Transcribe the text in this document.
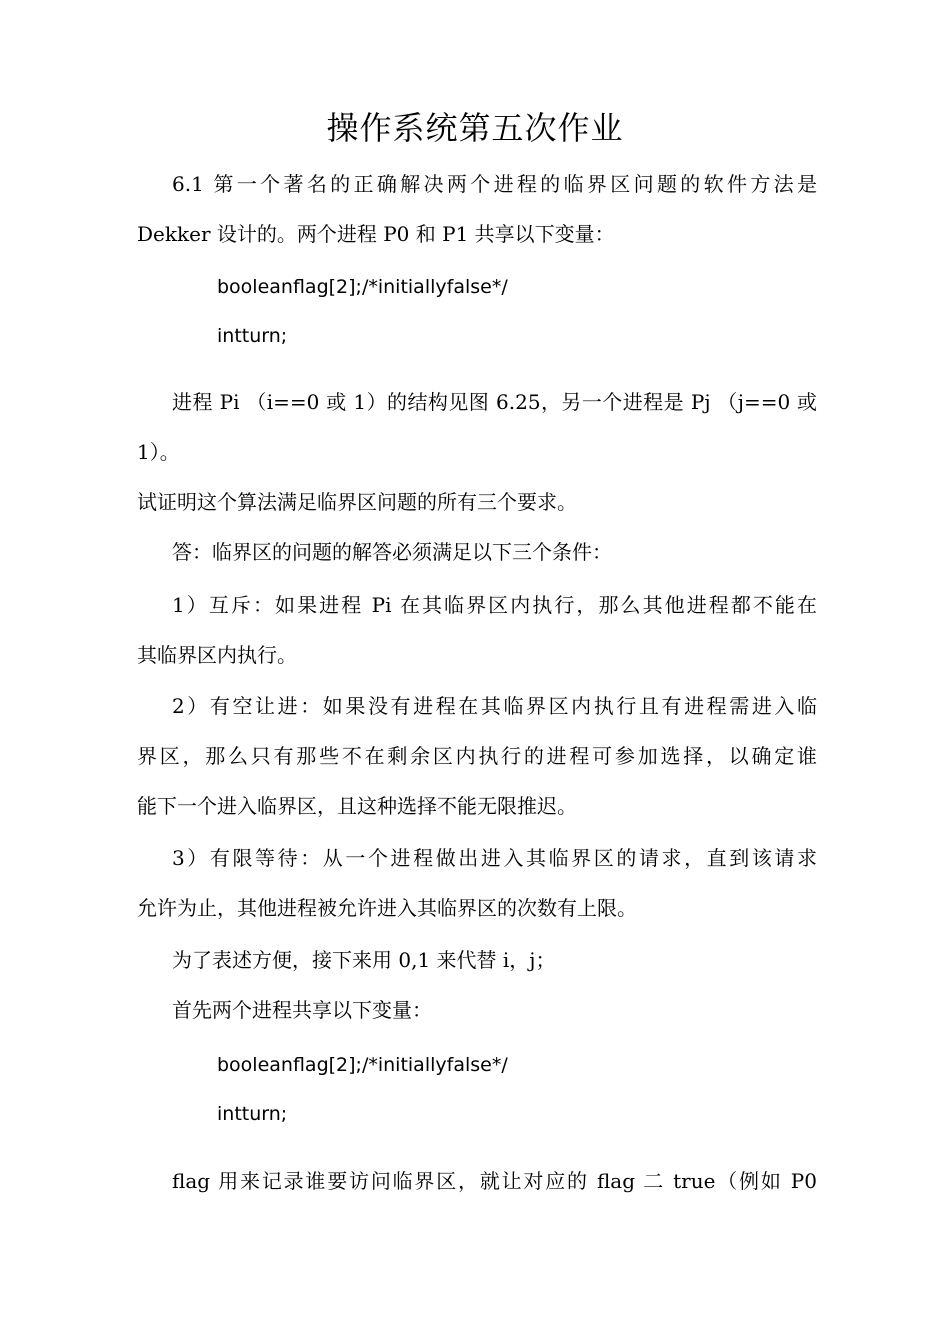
操作系统第五次作业
6.1 第一个著名的正确解决两个进程的临界区问题的软件方法是
Dekker 设计的。两个进程 P0 和 P1 共享以下变量：
booleanflag[2];/*initiallyfalse*/
intturn;
进程 Pi （i==0 或 1）的结构见图 6.25，另一个进程是 Pj （j==0 或
1）。
试证明这个算法满足临界区问题的所有三个要求。
答：临界区的问题的解答必须满足以下三个条件：
1）互斥：如果进程 Pi 在其临界区内执行，那么其他进程都不能在
其临界区内执行。
2）有空让进：如果没有进程在其临界区内执行且有进程需进入临
界区，那么只有那些不在剩余区内执行的进程可参加选择，以确定谁
能下一个进入临界区，且这种选择不能无限推迟。
3）有限等待：从一个进程做出进入其临界区的请求，直到该请求
允许为止，其他进程被允许进入其临界区的次数有上限。
为了表述方便，接下来用 0,1 来代替 i，j；
首先两个进程共享以下变量：
booleanflag[2];/*initiallyfalse*/
intturn;
flag 用来记录谁要访问临界区，就让对应的 flag 二 true（例如 P0
